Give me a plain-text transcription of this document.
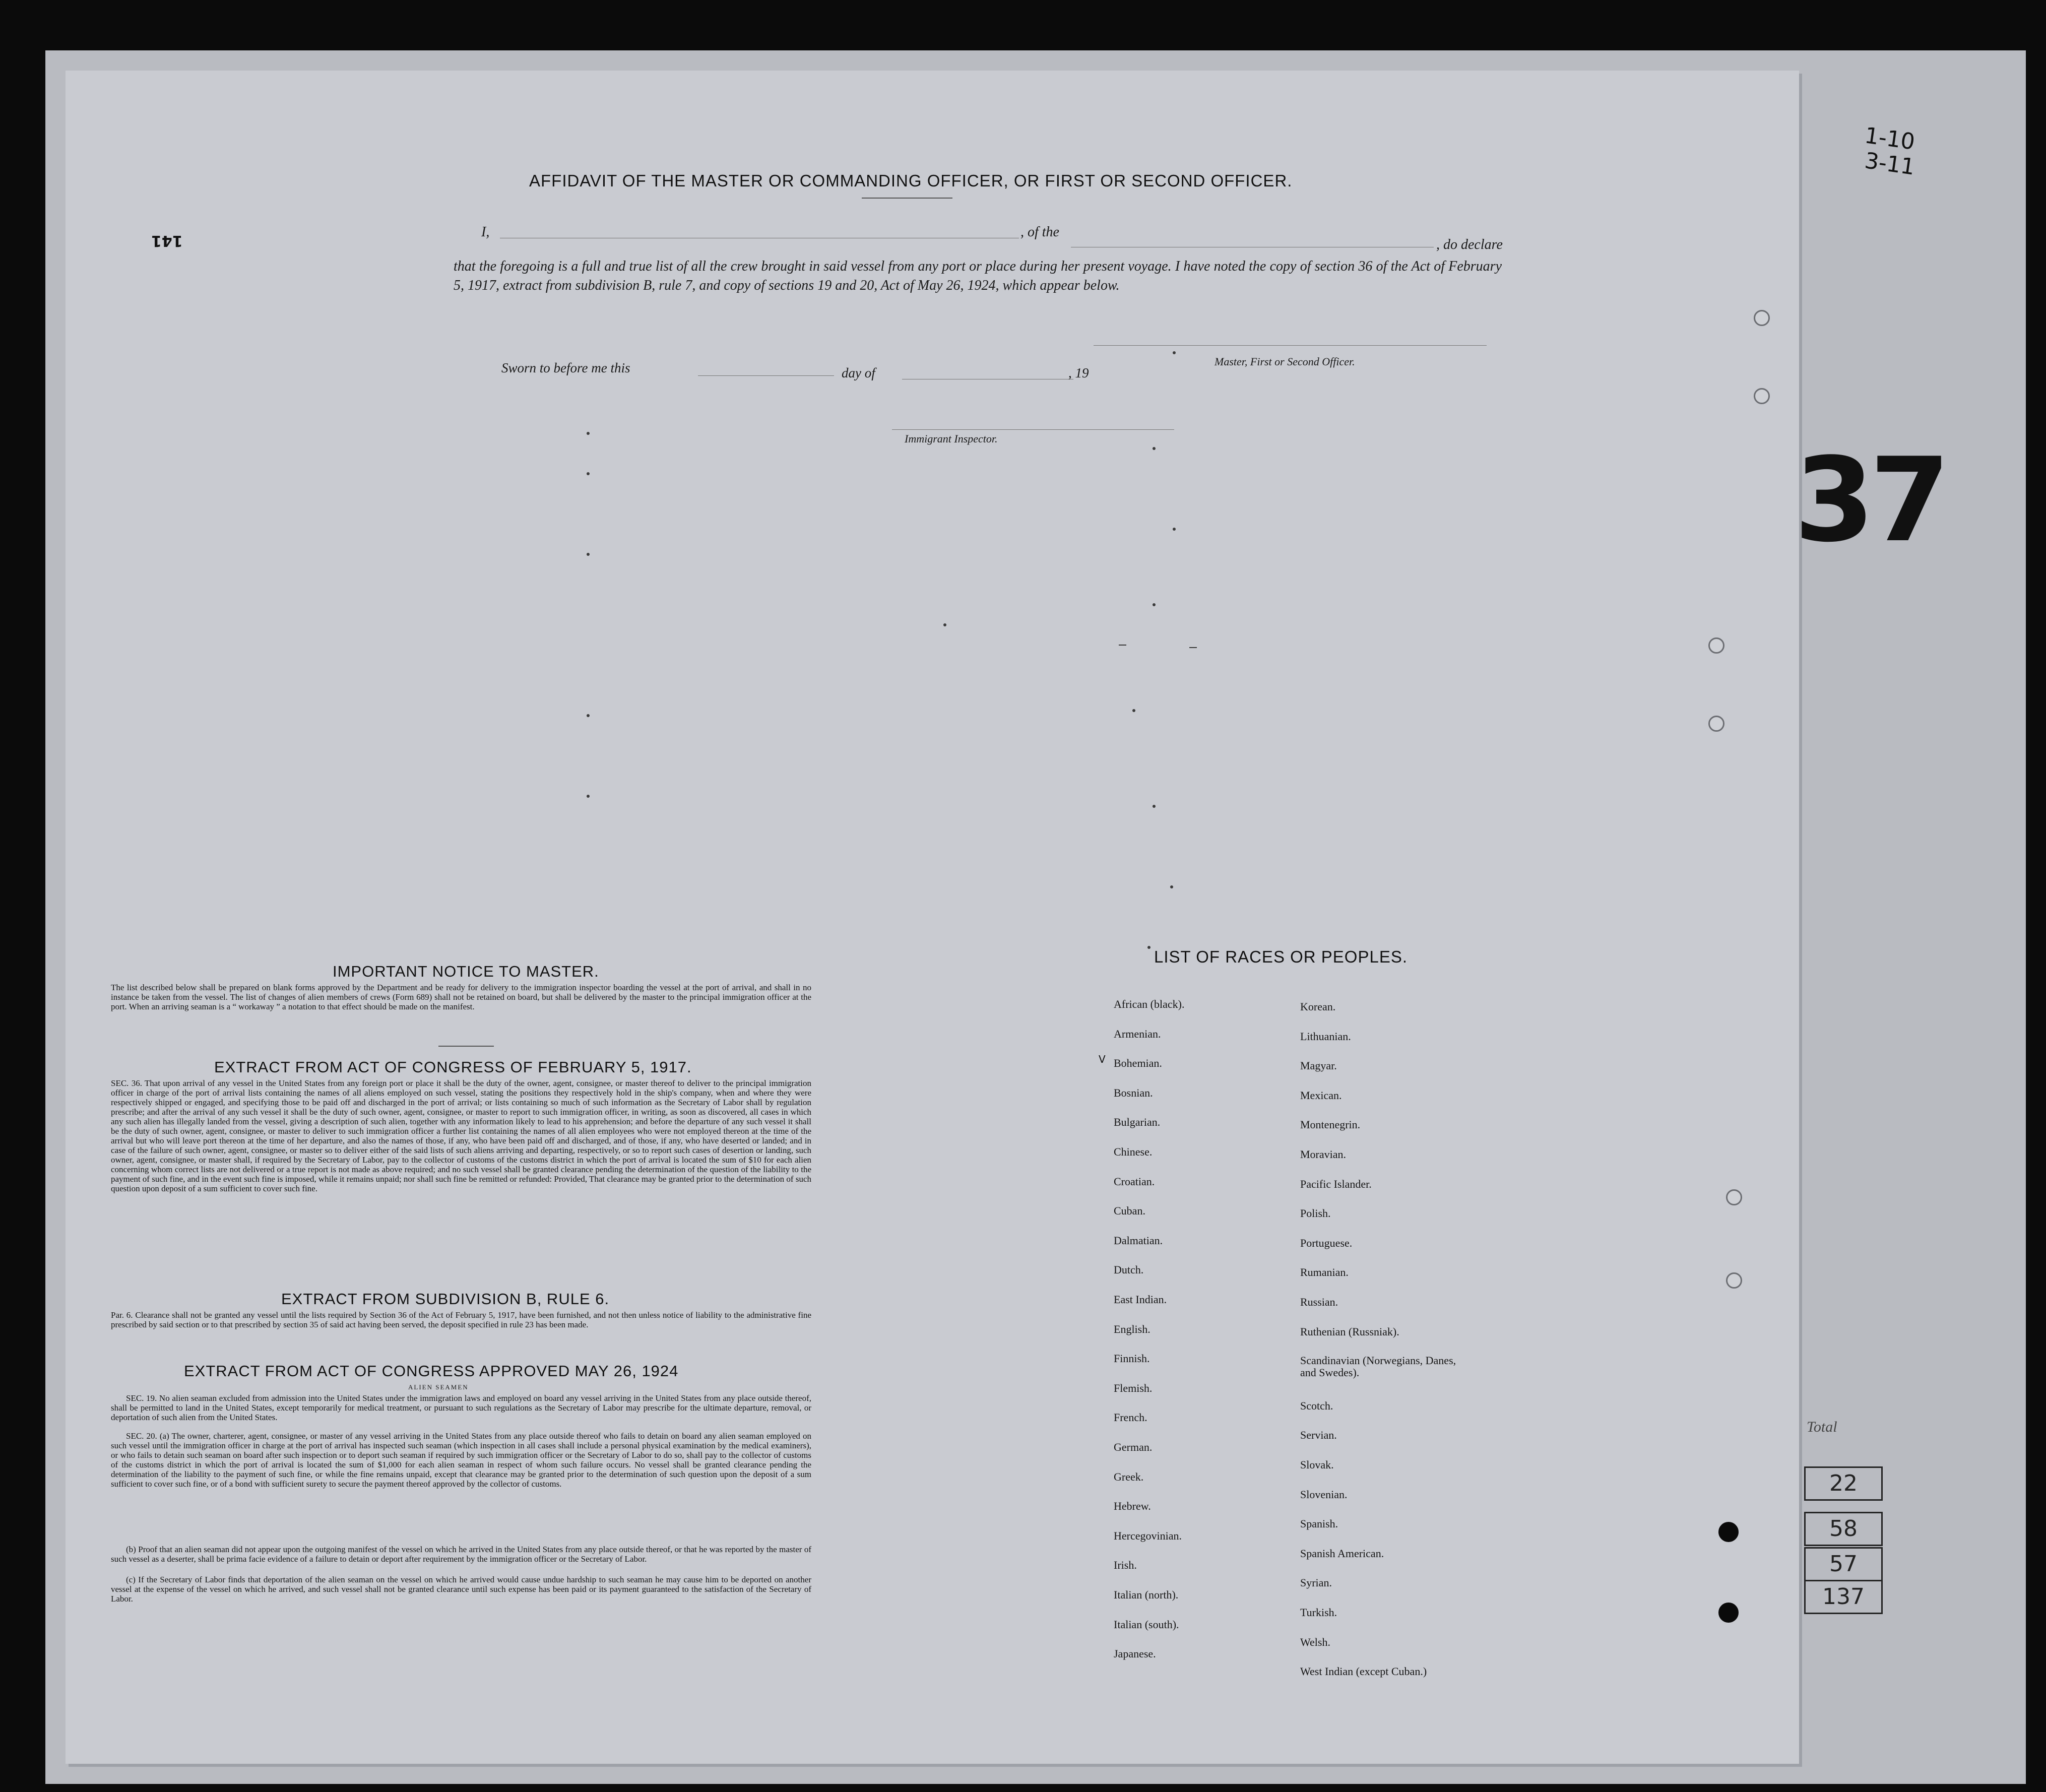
AFFIDAVIT OF THE MASTER OR COMMANDING OFFICER, OR FIRST OR SECOND OFFICER.
I,	, of the
, do declare
that the foregoing is a full and true list of all the crew brought in said vessel from any port or place during her present voyage. I have noted the copy of section 36 of the Act of February 5, 1917, extract from subdivision B, rule 7, and copy of sections 19 and 20, Act of May 26, 1924, which appear below.
Master, First or Second Officer.
Sworn to before me this	day of	, 19
Immigrant Inspector.
IMPORTANT NOTICE TO MASTER.
The list described below shall be prepared on blank forms approved by the Department and be ready for delivery to the immigration inspector boarding the vessel at the port of arrival, and shall in no instance be taken from the vessel. The list of changes of alien members of crews (Form 689) shall not be retained on board, but shall be delivered by the master to the principal immigration officer at the port. When an arriving seaman is a “ workaway ” a notation to that effect should be made on the manifest.
EXTRACT FROM ACT OF CONGRESS OF FEBRUARY 5, 1917.
SEC. 36. That upon arrival of any vessel in the United States from any foreign port or place it shall be the duty of the owner, agent, consignee, or master thereof to deliver to the principal immigration officer in charge of the port of arrival lists containing the names of all aliens employed on such vessel, stating the positions they respectively hold in the ship's company, when and where they were respectively shipped or engaged, and specifying those to be paid off and discharged in the port of arrival; or lists containing so much of such information as the Secretary of Labor shall by regulation prescribe; and after the arrival of any such vessel it shall be the duty of such owner, agent, consignee, or master to report to such immigration officer, in writing, as soon as discovered, all cases in which any such alien has illegally landed from the vessel, giving a description of such alien, together with any information likely to lead to his apprehension; and before the departure of any such vessel it shall be the duty of such owner, agent, consignee, or master to deliver to such immigration officer a further list containing the names of all alien employees who were not employed thereon at the time of the arrival but who will leave port thereon at the time of her departure, and also the names of those, if any, who have been paid off and discharged, and of those, if any, who have deserted or landed; and in case of the failure of such owner, agent, consignee, or master so to deliver either of the said lists of such aliens arriving and departing, respectively, or so to report such cases of desertion or landing, such owner, agent, consignee, or master shall, if required by the Secretary of Labor, pay to the collector of customs of the customs district in which the port of arrival is located the sum of $10 for each alien concerning whom correct lists are not delivered or a true report is not made as above required; and no such vessel shall be granted clearance pending the determination of the question of the liability to the payment of such fine, and in the event such fine is imposed, while it remains unpaid; nor shall such fine be remitted or refunded: Provided, That clearance may be granted prior to the determination of such question upon deposit of a sum sufficient to cover such fine.
EXTRACT FROM SUBDIVISION B, RULE 6.
Par. 6. Clearance shall not be granted any vessel until the lists required by Section 36 of the Act of February 5, 1917, have been furnished, and not then unless notice of liability to the administrative fine prescribed by said section or to that prescribed by section 35 of said act having been served, the deposit specified in rule 23 has been made.
EXTRACT FROM ACT OF CONGRESS APPROVED MAY 26, 1924
ALIEN SEAMEN
SEC. 19. No alien seaman excluded from admission into the United States under the immigration laws and employed on board any vessel arriving in the United States from any place outside thereof, shall be permitted to land in the United States, except temporarily for medical treatment, or pursuant to such regulations as the Secretary of Labor may prescribe for the ultimate departure, removal, or deportation of such alien from the United States.
SEC. 20. (a) The owner, charterer, agent, consignee, or master of any vessel arriving in the United States from any place outside thereof who fails to detain on board any alien seaman employed on such vessel until the immigration officer in charge at the port of arrival has inspected such seaman (which inspection in all cases shall include a personal physical examination by the medical examiners), or who fails to detain such seaman on board after such inspection or to deport such seaman if required by such immigration officer or the Secretary of Labor to do so, shall pay to the collector of customs of the customs district in which the port of arrival is located the sum of $1,000 for each alien seaman in respect of whom such failure occurs. No vessel shall be granted clearance pending the determination of the liability to the payment of such fine, or while the fine remains unpaid, except that clearance may be granted prior to the determination of such question upon the deposit of a sum sufficient to cover such fine, or of a bond with sufficient surety to secure the payment thereof approved by the collector of customs.
(b) Proof that an alien seaman did not appear upon the outgoing manifest of the vessel on which he arrived in the United States from any place outside thereof, or that he was reported by the master of such vessel as a deserter, shall be prima facie evidence of a failure to detain or deport after requirement by the immigration officer or the Secretary of Labor.
(c) If the Secretary of Labor finds that deportation of the alien seaman on the vessel on which he arrived would cause undue hardship to such seaman he may cause him to be deported on another vessel at the expense of the vessel on which he arrived, and such vessel shall not be granted clearance until such expense has been paid or its payment guaranteed to the satisfaction of the Secretary of Labor.
LIST OF RACES OR PEOPLES.
V
African (black).
Armenian.
Bohemian.
Bosnian.
Bulgarian.
Chinese.
Croatian.
Cuban.
Dalmatian.
Dutch.
East Indian.
English.
Finnish.
Flemish.
French.
German.
Greek.
Hebrew.
Hercegovinian.
Irish.
Italian (north).
Italian (south).
Japanese.
Korean.
Lithuanian.
Magyar.
Mexican.
Montenegrin.
Moravian.
Pacific Islander.
Polish.
Portuguese.
Rumanian.
Russian.
Ruthenian (Russniak).
Scandinavian (Norwegians, Danes, and Swedes).
Scotch.
Servian.
Slovak.
Slovenian.
Spanish.
Spanish American.
Syrian.
Turkish.
Welsh.
West Indian (except Cuban.)
141
37
1-10
3-11
Total
22
58
57
137
